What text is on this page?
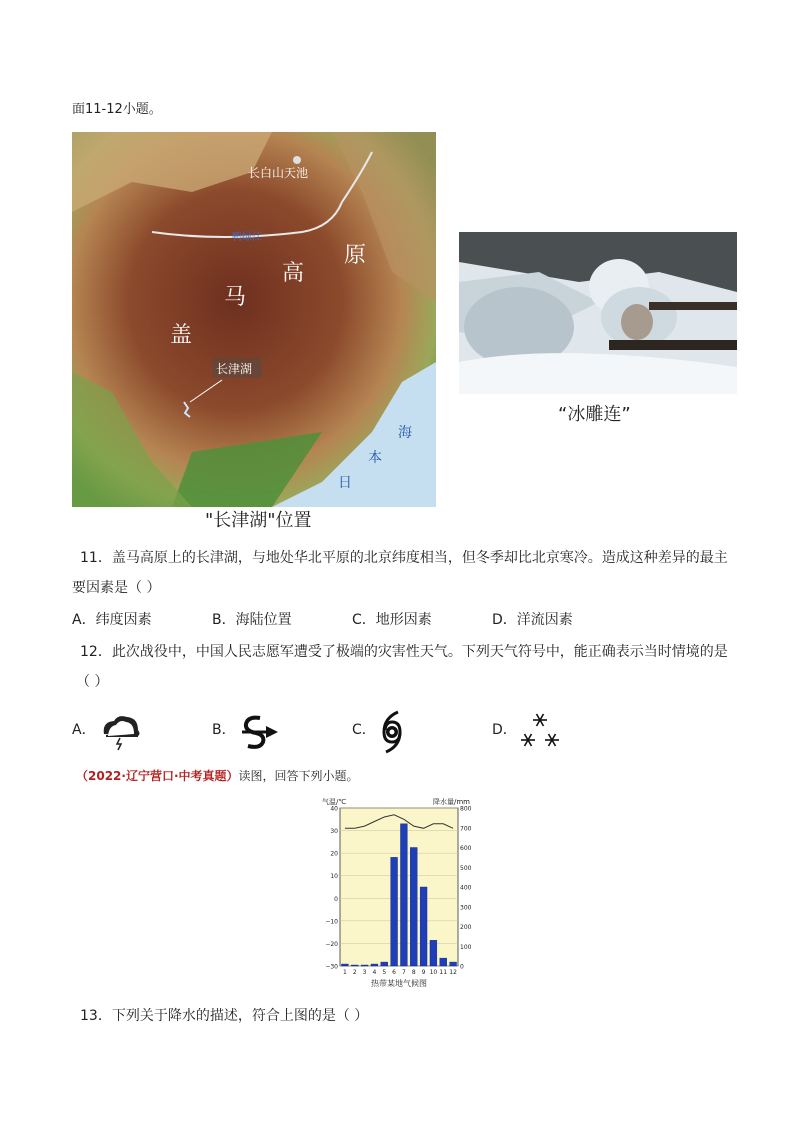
面11-12小题。
长白山天池
鸭绿江
盖
马
高
原
长津湖
日
本
海
"长津湖"位置
“冰雕连”
11．盖马高原上的长津湖，与地处华北平原的北京纬度相当，但冬季却比北京寒冷。造成这种差异的最主
要因素是（ ）
A．纬度因素	B．海陆位置	C．地形因素	D．洋流因素
12．此次战役中，中国人民志愿军遭受了极端的灾害性天气。下列天气符号中，能正确表示当时情境的是
（ ）
A．	B．	C．	D．
（2022·辽宁营口·中考真题）读图，回答下列小题。
气温/℃	降水量/mm
40
30
20
10
0
−10
−20
−30
800
700
600
500
400
300
200
100
0
1 2 3 4 5 6 7 8 9 10 11 12
热带某地气候图
13．下列关于降水的描述，符合上图的是（ ）
